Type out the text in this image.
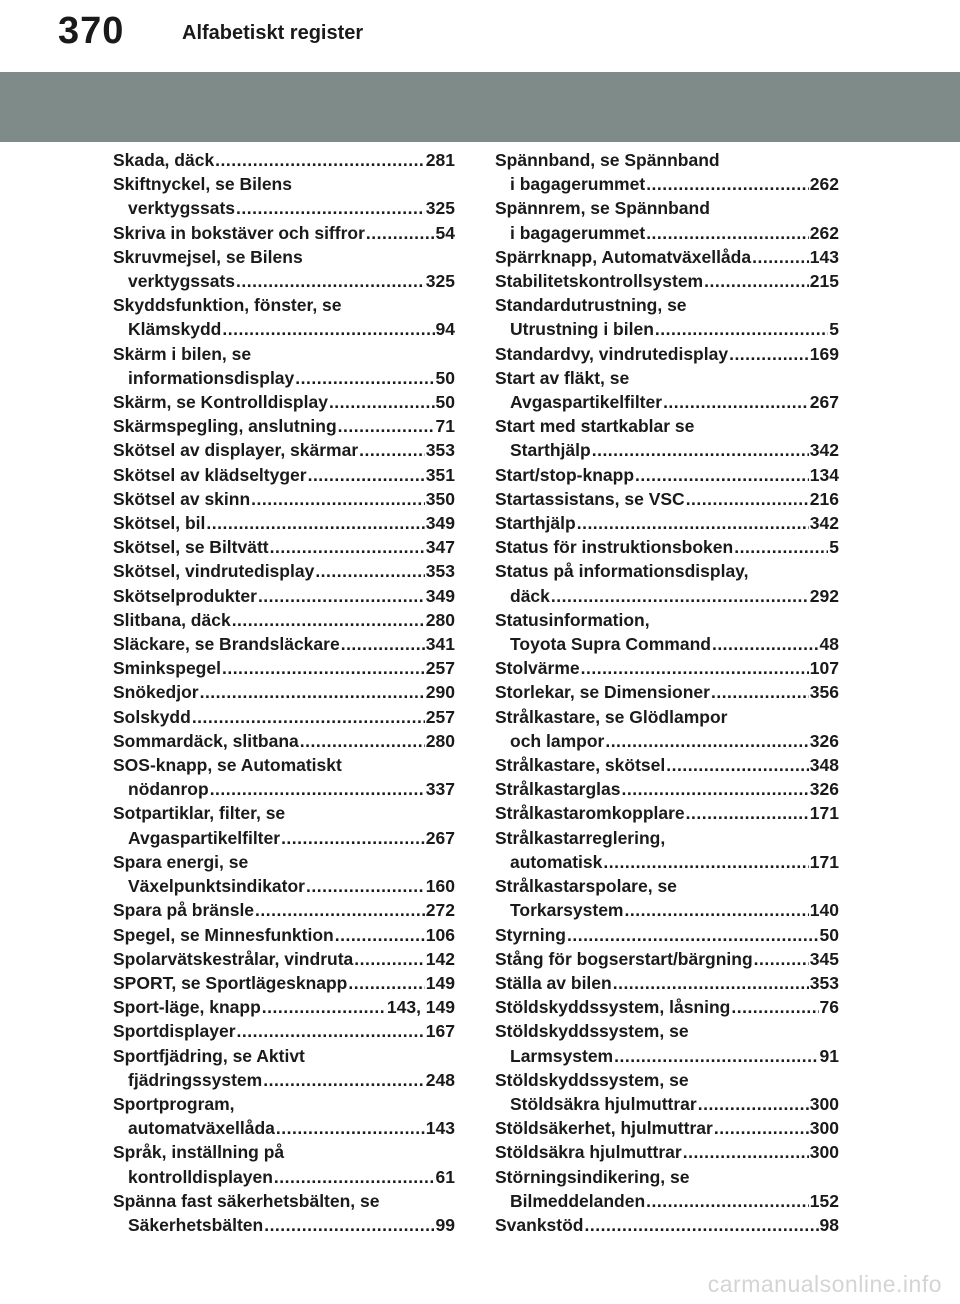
370	Alfabetiskt register
Skada, däck .....	281
Skiftnyckel, se Bilens
verktygssats .....	325
Skriva in bokstäver och siffror .....	54
Skruvmejsel, se Bilens
verktygssats .....	325
Skyddsfunktion, fönster, se
Klämskydd .....	94
Skärm i bilen, se
informationsdisplay .....	50
Skärm, se Kontrolldisplay .....	50
Skärmspegling, anslutning .....	71
Skötsel av displayer, skärmar .....	353
Skötsel av klädseltyger .....	351
Skötsel av skinn .....	350
Skötsel, bil .....	349
Skötsel, se Biltvätt .....	347
Skötsel, vindrutedisplay .....	353
Skötselprodukter .....	349
Slitbana, däck .....	280
Släckare, se Brandsläckare .....	341
Sminkspegel .....	257
Snökedjor .....	290
Solskydd .....	257
Sommardäck, slitbana .....	280
SOS-knapp, se Automatiskt
nödanrop .....	337
Sotpartiklar, filter, se
Avgaspartikelfilter .....	267
Spara energi, se
Växelpunktsindikator .....	160
Spara på bränsle .....	272
Spegel, se Minnesfunktion .....	106
Spolarvätskestrålar, vindruta .....	142
SPORT, se Sportlägesknapp .....	149
Sport-läge, knapp .....	143, 149
Sportdisplayer .....	167
Sportfjädring, se Aktivt
fjädringssystem .....	248
Sportprogram,
automatväxellåda .....	143
Språk, inställning på
kontrolldisplayen .....	61
Spänna fast säkerhetsbälten, se
Säkerhetsbälten .....	99
Spännband, se Spännband
i bagagerummet .....	262
Spännrem, se Spännband
i bagagerummet .....	262
Spärrknapp, Automatväxellåda .....	143
Stabilitetskontrollsystem .....	215
Standardutrustning, se
Utrustning i bilen .....	5
Standardvy, vindrutedisplay .....	169
Start av fläkt, se
Avgaspartikelfilter .....	267
Start med startkablar se
Starthjälp .....	342
Start/stop-knapp .....	134
Startassistans, se VSC .....	216
Starthjälp .....	342
Status för instruktionsboken .....	5
Status på informationsdisplay,
däck .....	292
Statusinformation,
Toyota Supra Command .....	48
Stolvärme .....	107
Storlekar, se Dimensioner .....	356
Strålkastare, se Glödlampor
och lampor .....	326
Strålkastare, skötsel .....	348
Strålkastarglas .....	326
Strålkastaromkopplare .....	171
Strålkastarreglering,
automatisk .....	171
Strålkastarspolare, se
Torkarsystem .....	140
Styrning .....	50
Stång för bogserstart/bärgning .....	345
Ställa av bilen .....	353
Stöldskyddssystem, låsning .....	76
Stöldskyddssystem, se
Larmsystem .....	91
Stöldskyddssystem, se
Stöldsäkra hjulmuttrar .....	300
Stöldsäkerhet, hjulmuttrar .....	300
Stöldsäkra hjulmuttrar .....	300
Störningsindikering, se
Bilmeddelanden .....	152
Svankstöd .....	98
carmanualsonline.info
